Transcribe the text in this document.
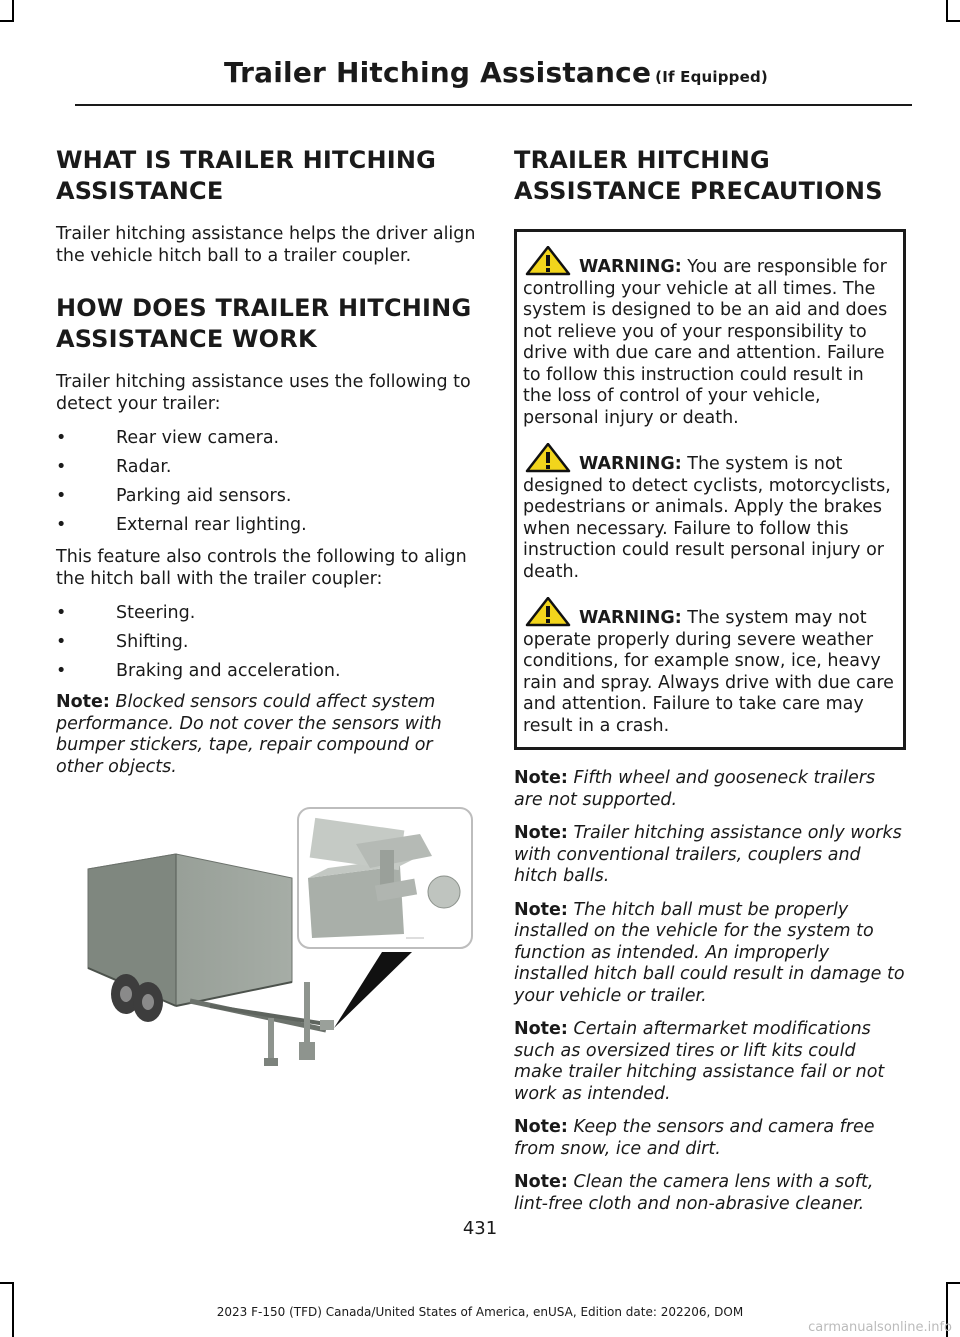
Trailer Hitching Assistance (If Equipped)
WHAT IS TRAILER HITCHING ASSISTANCE

Trailer hitching assistance helps the driver align the vehicle hitch ball to a trailer coupler.

HOW DOES TRAILER HITCHING ASSISTANCE WORK

Trailer hitching assistance uses the following to detect your trailer:

• Rear view camera.
• Radar.
• Parking aid sensors.
• External rear lighting.

This feature also controls the following to align the hitch ball with the trailer coupler:

• Steering.
• Shifting.
• Braking and acceleration.

Note: Blocked sensors could affect system performance. Do not cover the sensors with bumper stickers, tape, repair compound or other objects.

TRAILER HITCHING ASSISTANCE PRECAUTIONS

WARNING: You are responsible for controlling your vehicle at all times. The system is designed to be an aid and does not relieve you of your responsibility to drive with due care and attention. Failure to follow this instruction could result in the loss of control of your vehicle, personal injury or death.

WARNING: The system is not designed to detect cyclists, motorcyclists, pedestrians or animals. Apply the brakes when necessary. Failure to follow this instruction could result personal injury or death.

WARNING: The system may not operate properly during severe weather conditions, for example snow, ice, heavy rain and spray. Always drive with due care and attention. Failure to take care may result in a crash.

Note: Fifth wheel and gooseneck trailers are not supported.

Note: Trailer hitching assistance only works with conventional trailers, couplers and hitch balls.

Note: The hitch ball must be properly installed on the vehicle for the system to function as intended. An improperly installed hitch ball could result in damage to your vehicle or trailer.

Note: Certain aftermarket modifications such as oversized tires or lift kits could make trailer hitching assistance fail or not work as intended.

Note: Keep the sensors and camera free from snow, ice and dirt.

Note: Clean the camera lens with a soft, lint-free cloth and non-abrasive cleaner.

431
2023 F-150 (TFD) Canada/United States of America, enUSA, Edition date: 202206, DOM
carmanualsonline.info
